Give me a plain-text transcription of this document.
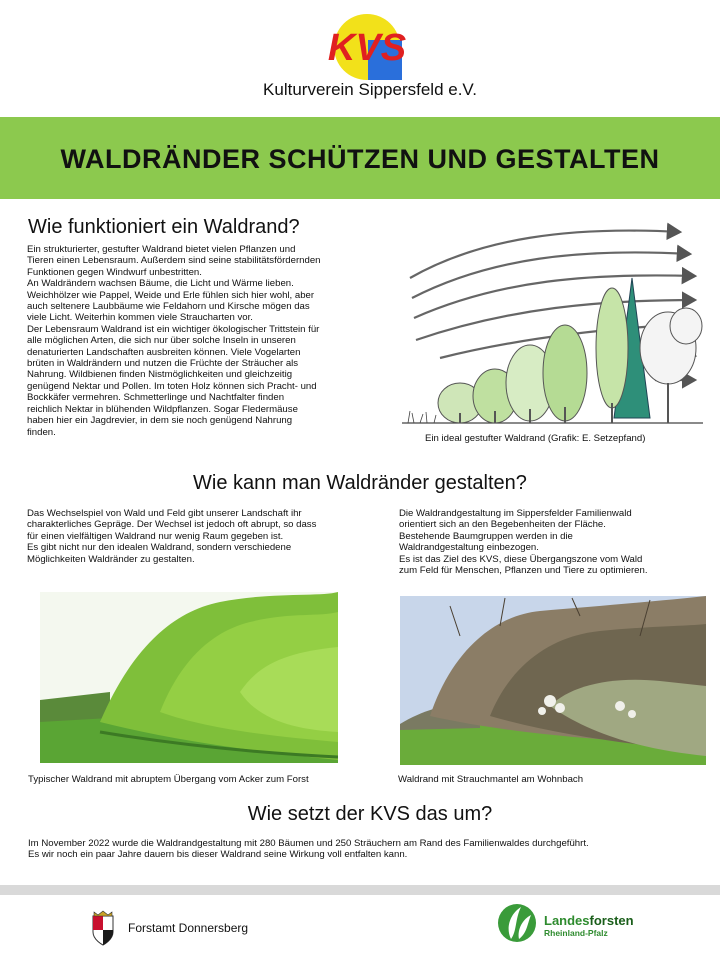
KVS
Kulturverein Sippersfeld e.V.
WALDRÄNDER SCHÜTZEN UND GESTALTEN
Wie funktioniert ein Waldrand?

Ein strukturierter, gestufter Waldrand bietet vielen Pflanzen und

Tieren einen Lebensraum. Außerdem sind seine stabilitätsfördernden

Funktionen gegen Windwurf unbestritten.

An Waldrändern wachsen Bäume, die Licht und Wärme lieben.

Weichhölzer wie Pappel, Weide und Erle fühlen sich hier wohl, aber

auch seltenere Laubbäume wie Feldahorn und Kirsche mögen das

viele Licht. Weiterhin kommen viele Straucharten vor.

Der Lebensraum Waldrand ist ein wichtiger ökologischer Trittstein für

alle möglichen Arten, die sich nur über solche Inseln in unseren

denaturierten Landschaften ausbreiten können. Viele Vogelarten

brüten in Waldrändern und nutzen die Früchte der Sträucher als

Nahrung. Wildbienen finden Nistmöglichkeiten und gleichzeitig

genügend Nektar und Pollen. Im toten Holz können sich Pracht- und

Bockkäfer vermehren. Schmetterlinge und Nachtfalter finden

reichlich Nektar in blühenden Wildpflanzen. Sogar Fledermäuse

haben hier ein Jagdrevier, in dem sie noch genügend Nahrung

finden.

Ein ideal gestufter Waldrand (Grafik: E. Setzepfand)
Wie kann man Waldränder gestalten?

Das Wechselspiel von Wald und Feld gibt unserer Landschaft ihr

charakterliches Gepräge. Der Wechsel ist jedoch oft abrupt, so dass

für einen vielfältigen Waldrand nur wenig Raum gegeben ist.

Es gibt nicht nur den idealen Waldrand, sondern verschiedene

Möglichkeiten Waldränder zu gestalten.

Die Waldrandgestaltung im Sippersfelder Familienwald

orientiert sich an den Begebenheiten der Fläche.

Bestehende Baumgruppen werden in die

Waldrandgestaltung einbezogen.

Es ist das Ziel des KVS, diese Übergangszone vom Wald

zum Feld für Menschen, Pflanzen und Tiere zu optimieren.

Typischer Waldrand mit abruptem Übergang vom Acker zum Forst	Waldrand mit Strauchmantel am Wohnbach
Wie setzt der KVS das um?

Im November 2022 wurde die Waldrandgestaltung mit 280 Bäumen und 250 Sträuchern am Rand des Familienwaldes durchgeführt.

Es wir noch ein paar Jahre dauern bis dieser Waldrand seine Wirkung voll entfalten kann.

Forstamt Donnersberg	Landesforsten
Rheinland-Pfalz
